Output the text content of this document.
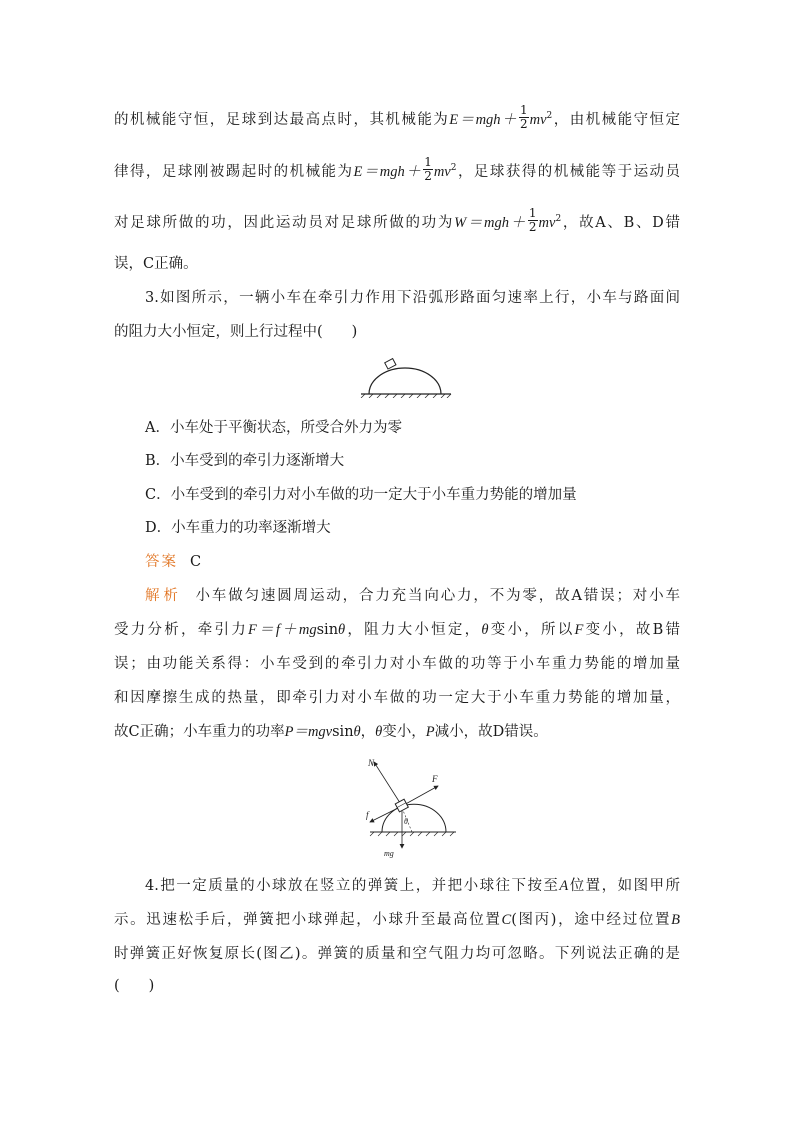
的机械能守恒，足球到达最高点时，其机械能为$E=mgh+ \frac{1}{2} mv^2$，由机械能守恒定
律得，足球刚被踢起时的机械能为$E=mgh+ \frac{1}{2} mv^2$，足球获得的机械能等于运动员
对足球所做的功，因此运动员对足球所做的功为$W=mgh+ \frac{1}{2} mv^2$，故A、B、D错
误，C正确。
3.如图所示，一辆小车在牵引力作用下沿弧形路面匀速率上行，小车与路面间
的阻力大小恒定，则上行过程中(　　)
A．小车处于平衡状态，所受合外力为零
B．小车受到的牵引力逐渐增大
C．小车受到的牵引力对小车做的功一定大于小车重力势能的增加量
D．小车重力的功率逐渐增大
答案 C
解析 小车做匀速圆周运动，合力充当向心力，不为零，故A错误；对小车
受力分析，牵引力F＝f＋mgsinθ，阻力大小恒定，θ变小，所以F变小，故B错
误；由功能关系得：小车受到的牵引力对小车做的功等于小车重力势能的增加量
和因摩擦生成的热量，即牵引力对小车做的功一定大于小车重力势能的增加量，
故C正确；小车重力的功率P＝mgvsinθ，θ变小，P减小，故D错误。
N
F
f
θ
mg
4.把一定质量的小球放在竖立的弹簧上，并把小球往下按至A位置，如图甲所
示。迅速松手后，弹簧把小球弹起，小球升至最高位置C(图丙)，途中经过位置B
时弹簧正好恢复原长(图乙)。弹簧的质量和空气阻力均可忽略。下列说法正确的是
(　　)
